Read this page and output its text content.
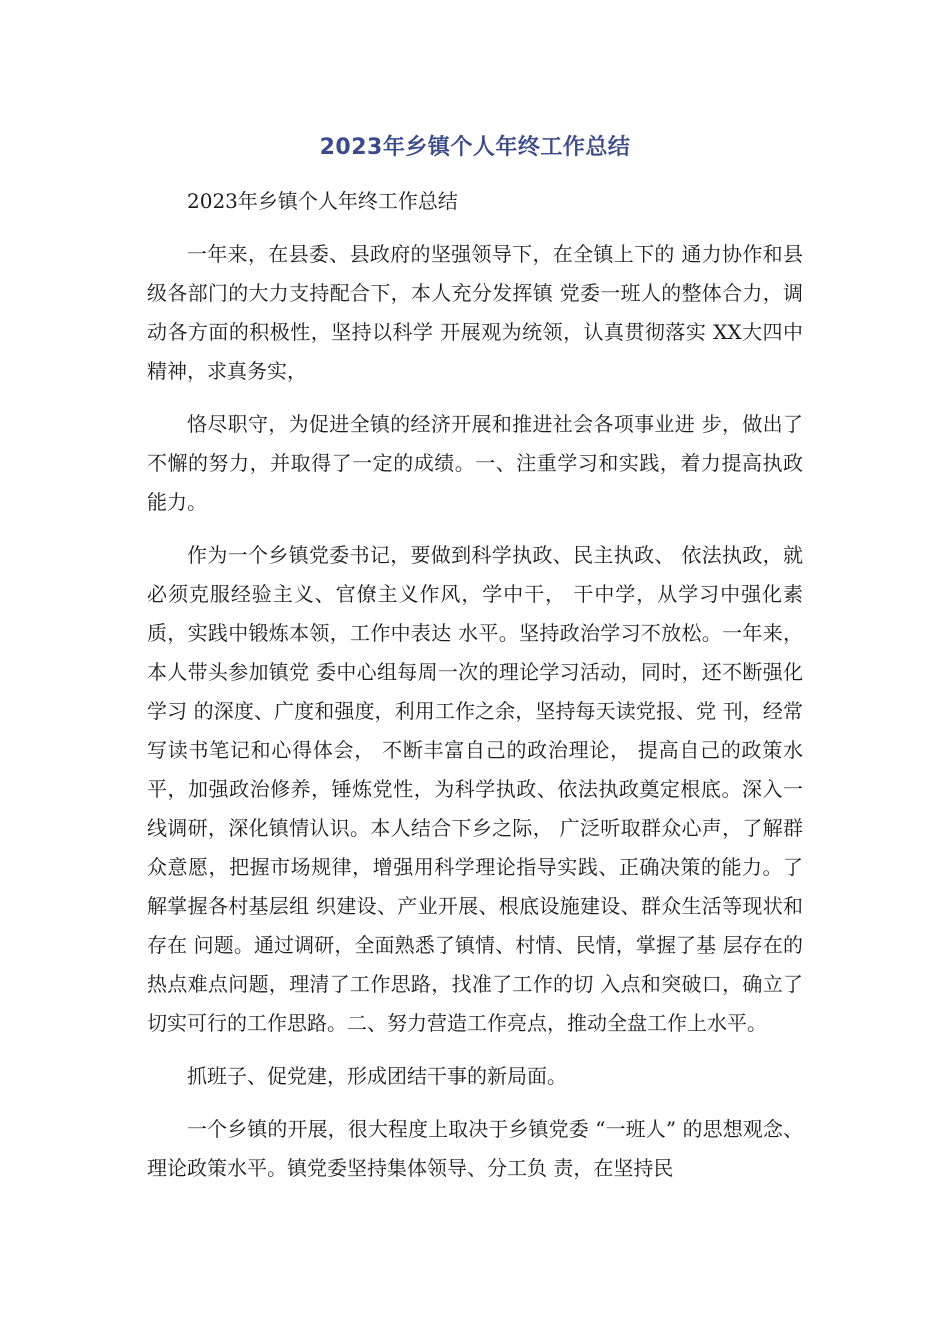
2023年乡镇个人年终工作总结

2023年乡镇个人年终工作总结

一年来，在县委、县政府的坚强领导下，在全镇上下的 通力协作和县级各部门的大力支持配合下，本人充分发挥镇 党委一班人的整体合力，调动各方面的积极性，坚持以科学 开展观为统领，认真贯彻落实 XX大四中精神，求真务实，

恪尽职守，为促进全镇的经济开展和推进社会各项事业进 步，做出了不懈的努力，并取得了一定的成绩。一、注重学习和实践，着力提高执政能力。

作为一个乡镇党委书记，要做到科学执政、民主执政、 依法执政，就必须克服经验主义、官僚主义作风，学中干， 干中学，从学习中强化素质，实践中锻炼本领，工作中表达 水平。坚持政治学习不放松。一年来，本人带头参加镇党 委中心组每周一次的理论学习活动，同时，还不断强化学习 的深度、广度和强度，利用工作之余，坚持每天读党报、党 刊，经常写读书笔记和心得体会， 不断丰富自己的政治理论， 提高自己的政策水平，加强政治修养，锤炼党性，为科学执政、依法执政奠定根底。深入一线调研，深化镇情认识。本人结合下乡之际， 广泛听取群众心声，了解群众意愿，把握市场规律，增强用科学理论指导实践、正确决策的能力。了解掌握各村基层组 织建设、产业开展、根底设施建设、群众生活等现状和存在 问题。通过调研，全面熟悉了镇情、村情、民情，掌握了基 层存在的热点难点问题，理清了工作思路，找准了工作的切 入点和突破口，确立了切实可行的工作思路。二、努力营造工作亮点，推动全盘工作上水平。

抓班子、促党建，形成团结干事的新局面。

一个乡镇的开展，很大程度上取决于乡镇党委 “一班人” 的思想观念、理论政策水平。镇党委坚持集体领导、分工负 责，在坚持民
